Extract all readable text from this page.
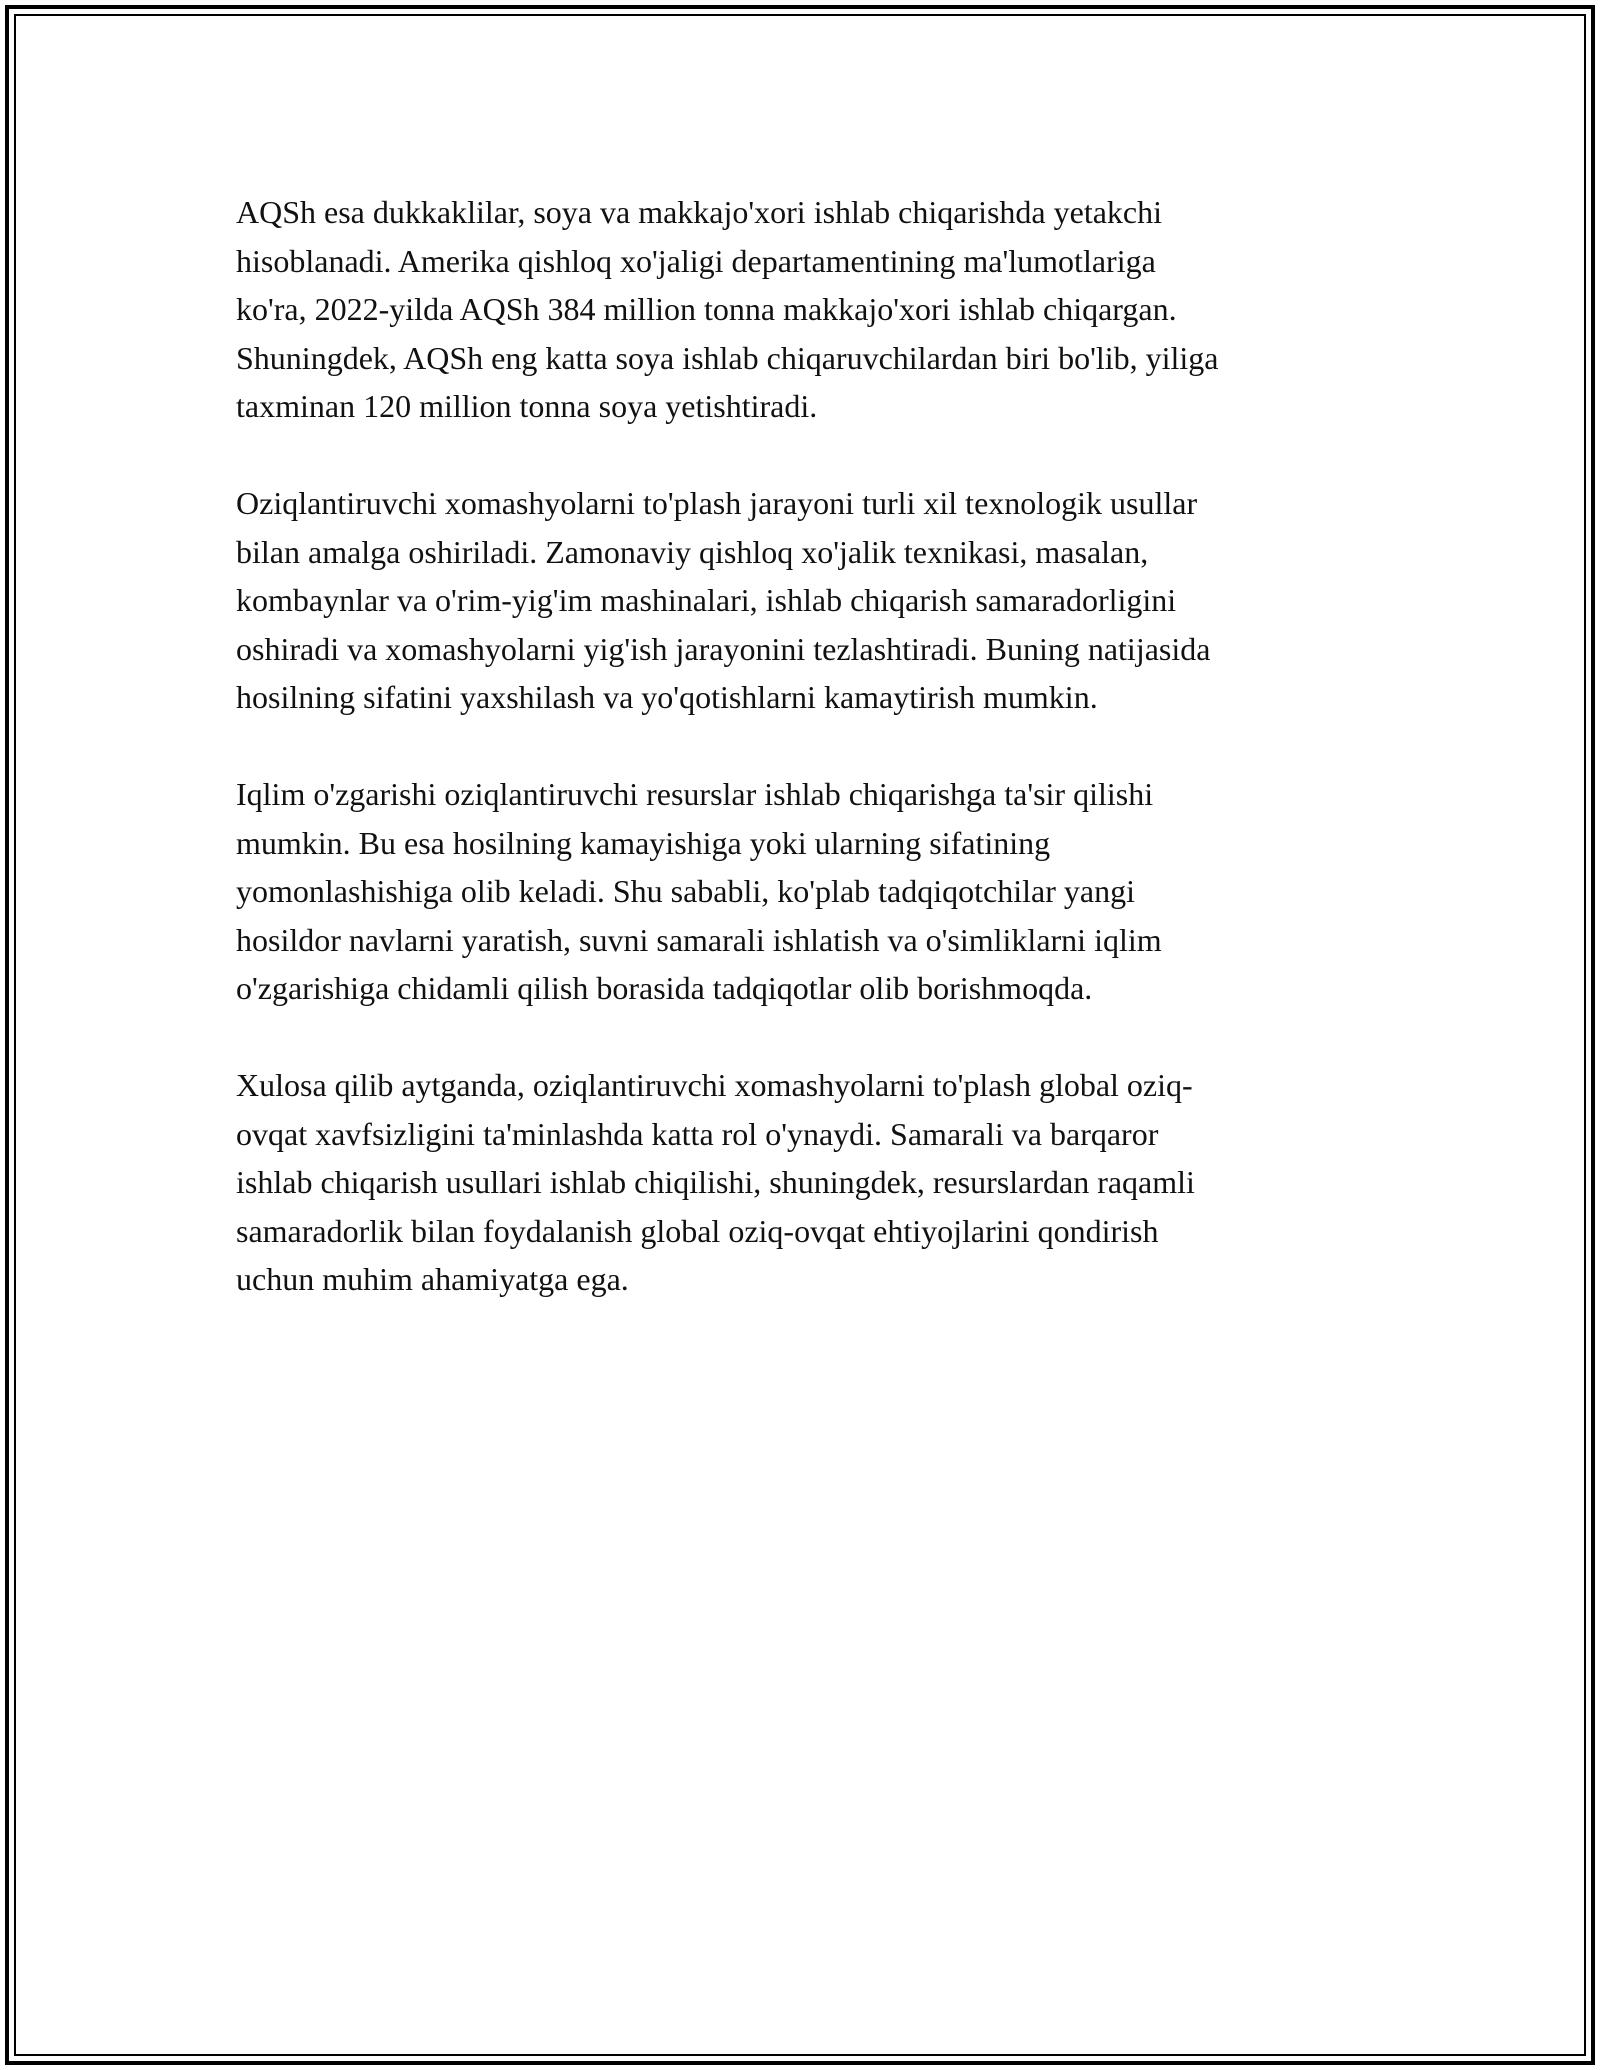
AQSh esa dukkaklilar, soya va makkajo'xori ishlab chiqarishda yetakchi
hisoblanadi. Amerika qishloq xo'jaligi departamentining ma'lumotlariga
ko'ra, 2022-yilda AQSh 384 million tonna makkajo'xori ishlab chiqargan.
Shuningdek, AQSh eng katta soya ishlab chiqaruvchilardan biri bo'lib, yiliga
taxminan 120 million tonna soya yetishtiradi.

Oziqlantiruvchi xomashyolarni to'plash jarayoni turli xil texnologik usullar
bilan amalga oshiriladi. Zamonaviy qishloq xo'jalik texnikasi, masalan,
kombaynlar va o'rim-yig'im mashinalari, ishlab chiqarish samaradorligini
oshiradi va xomashyolarni yig'ish jarayonini tezlashtiradi. Buning natijasida
hosilning sifatini yaxshilash va yo'qotishlarni kamaytirish mumkin.

Iqlim o'zgarishi oziqlantiruvchi resurslar ishlab chiqarishga ta'sir qilishi
mumkin. Bu esa hosilning kamayishiga yoki ularning sifatining
yomonlashishiga olib keladi. Shu sababli, ko'plab tadqiqotchilar yangi
hosildor navlarni yaratish, suvni samarali ishlatish va o'simliklarni iqlim
o'zgarishiga chidamli qilish borasida tadqiqotlar olib borishmoqda.

Xulosa qilib aytganda, oziqlantiruvchi xomashyolarni to'plash global oziq-
ovqat xavfsizligini ta'minlashda katta rol o'ynaydi. Samarali va barqaror
ishlab chiqarish usullari ishlab chiqilishi, shuningdek, resurslardan raqamli
samaradorlik bilan foydalanish global oziq-ovqat ehtiyojlarini qondirish
uchun muhim ahamiyatga ega.
